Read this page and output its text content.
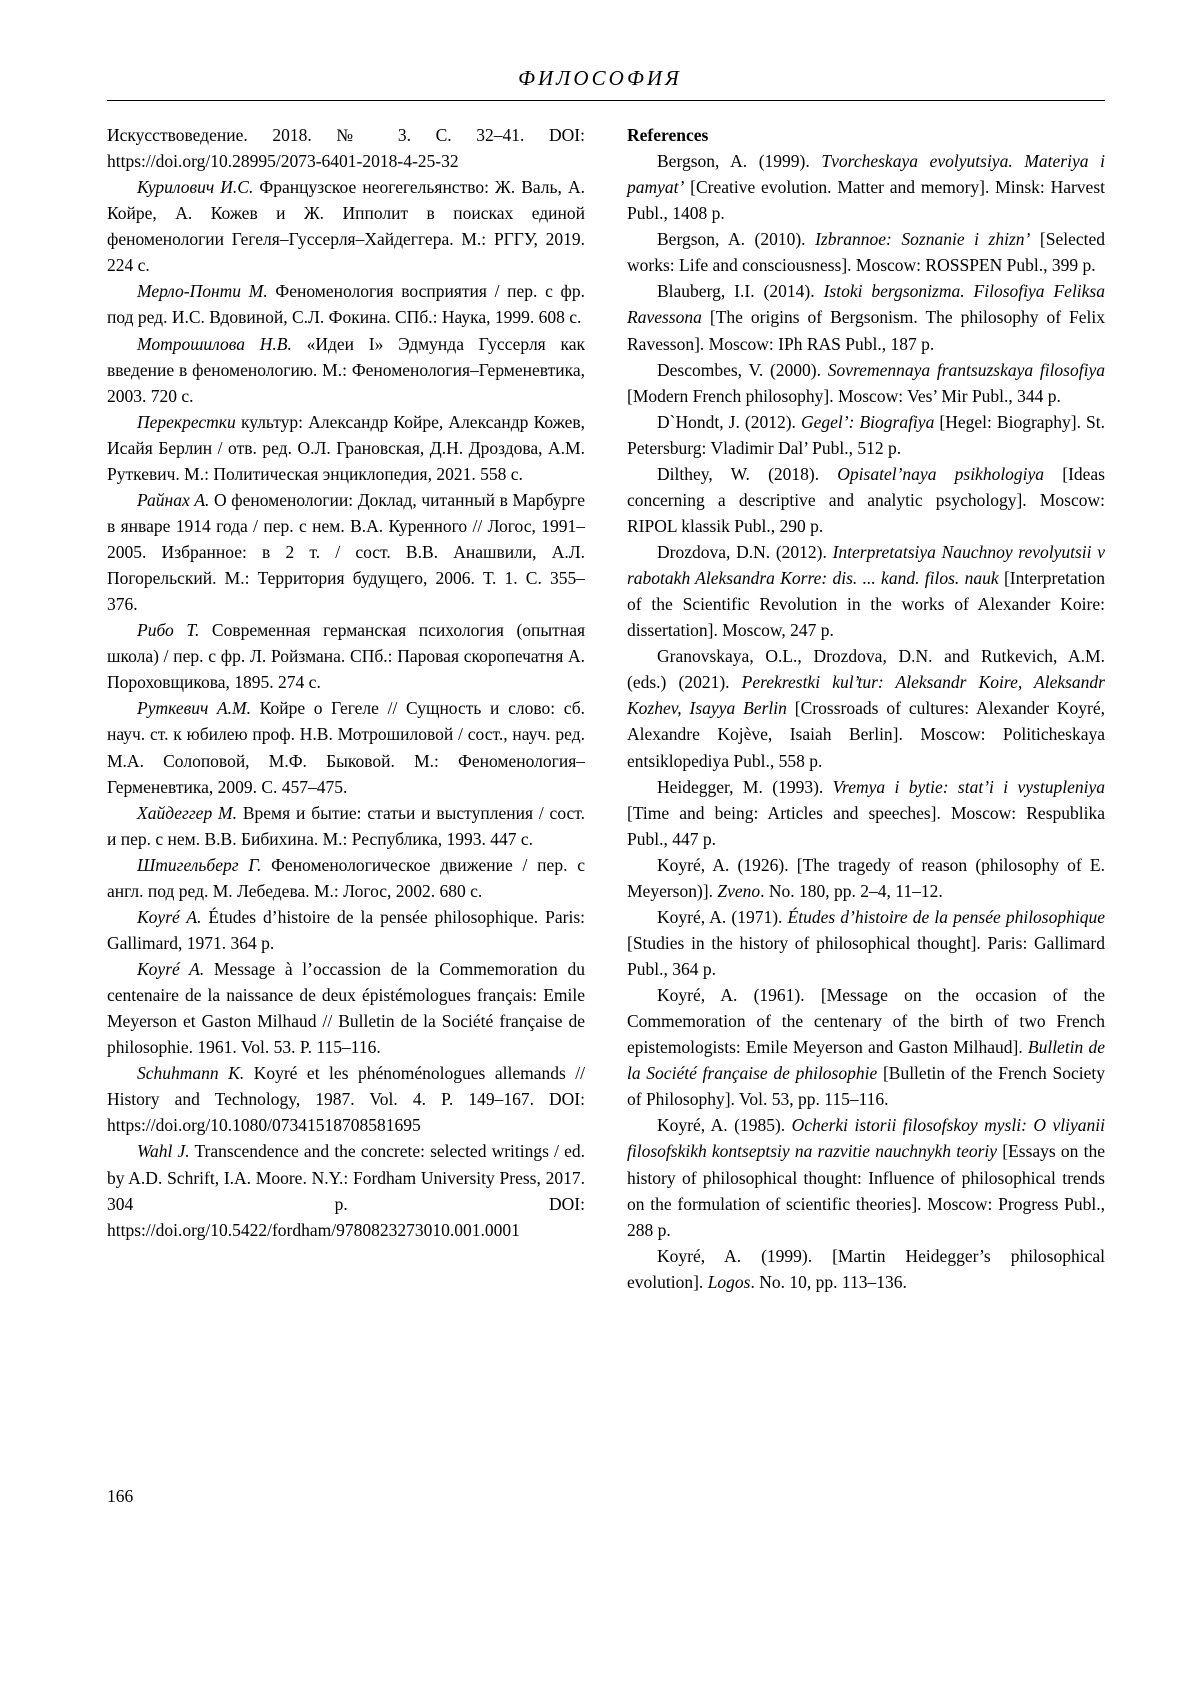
ФИЛОСОФИЯ

Искусствоведение. 2018. № 3. С. 32–41. DOI: https://doi.org/10.28995/2073-6401-2018-4-25-32

Курилович И.С. Французское неогегельянство: Ж. Валь, А. Койре, А. Кожев и Ж. Ипполит в поисках единой феноменологии Гегеля–Гуссерля–Хайдеггера. М.: РГГУ, 2019. 224 с.

Мерло-Понти М. Феноменология восприятия / пер. с фр. под ред. И.С. Вдовиной, С.Л. Фокина. СПб.: Наука, 1999. 608 с.

Мотрошилова Н.В. «Идеи I» Эдмунда Гуссерля как введение в феноменологию. М.: Феноменология–Герменевтика, 2003. 720 с.

Перекрестки культур: Александр Койре, Александр Кожев, Исайя Берлин / отв. ред. О.Л. Грановская, Д.Н. Дроздова, А.М. Руткевич. М.: Политическая энциклопедия, 2021. 558 с.

Райнах А. О феноменологии: Доклад, читанный в Марбурге в январе 1914 года / пер. с нем. В.А. Куренного // Логос, 1991–2005. Избранное: в 2 т. / сост. В.В. Анашвили, А.Л. Погорельский. М.: Территория будущего, 2006. Т. 1. С. 355–376.

Рибо Т. Современная германская психология (опытная школа) / пер. с фр. Л. Ройзмана. СПб.: Паровая скоропечатня А. Пороховщикова, 1895. 274 с.

Руткевич А.М. Койре о Гегеле // Сущность и слово: сб. науч. ст. к юбилею проф. Н.В. Мотрошиловой / сост., науч. ред. М.А. Солоповой, М.Ф. Быковой. М.: Феноменология–Герменевтика, 2009. С. 457–475.

Хайдеггер М. Время и бытие: статьи и выступления / сост. и пер. с нем. В.В. Бибихина. М.: Республика, 1993. 447 с.

Штигельберг Г. Феноменологическое движение / пер. с англ. под ред. М. Лебедева. М.: Логос, 2002. 680 с.

Koyré A. Études d’histoire de la pensée philosophique. Paris: Gallimard, 1971. 364 p.

Koyré A. Message à l’occassion de la Commemoration du centenaire de la naissance de deux épistémologues français: Emile Meyerson et Gaston Milhaud // Bulletin de la Société française de philosophie. 1961. Vol. 53. P. 115–116.

Schuhmann K. Koyré et les phénoménologues allemands // History and Technology, 1987. Vol. 4. P. 149–167. DOI: https://doi.org/10.1080/07341518708581695

Wahl J. Transcendence and the concrete: selected writings / ed. by A.D. Schrift, I.A. Moore. N.Y.: Fordham University Press, 2017. 304 p. DOI: https://doi.org/10.5422/fordham/9780823273010.001.0001

References

Bergson, A. (1999). Tvorcheskaya evolyutsiya. Materiya i pamyat’ [Creative evolution. Matter and memory]. Minsk: Harvest Publ., 1408 p.

Bergson, A. (2010). Izbrannoe: Soznanie i zhizn’ [Selected works: Life and consciousness]. Moscow: ROSSPEN Publ., 399 p.

Blauberg, I.I. (2014). Istoki bergsonizma. Filosofiya Feliksa Ravessona [The origins of Bergsonism. The philosophy of Felix Ravesson]. Moscow: IPh RAS Publ., 187 p.

Descombes, V. (2000). Sovremennaya frantsuzskaya filosofiya [Modern French philosophy]. Moscow: Ves’ Mir Publ., 344 p.

D`Hondt, J. (2012). Gegel’: Biografiya [Hegel: Biography]. St. Petersburg: Vladimir Dal’ Publ., 512 p.

Dilthey, W. (2018). Opisatel’naya psikhologiya [Ideas concerning a descriptive and analytic psychology]. Moscow: RIPOL klassik Publ., 290 p.

Drozdova, D.N. (2012). Interpretatsiya Nauchnoy revolyutsii v rabotakh Aleksandra Korre: dis. ... kand. filos. nauk [Interpretation of the Scientific Revolution in the works of Alexander Koire: dissertation]. Moscow, 247 p.

Granovskaya, O.L., Drozdova, D.N. and Rutkevich, A.M. (eds.) (2021). Perekrestki kul’tur: Aleksandr Koire, Aleksandr Kozhev, Isayya Berlin [Crossroads of cultures: Alexander Koyré, Alexandre Kojève, Isaiah Berlin]. Moscow: Politicheskaya entsiklopediya Publ., 558 p.

Heidegger, M. (1993). Vremya i bytie: stat’i i vystupleniya [Time and being: Articles and speeches]. Moscow: Respublika Publ., 447 p.

Koyré, A. (1926). [The tragedy of reason (philosophy of E. Meyerson)]. Zveno. No. 180, pp. 2–4, 11–12.

Koyré, A. (1971). Études d’histoire de la pensée philosophique [Studies in the history of philosophical thought]. Paris: Gallimard Publ., 364 p.

Koyré, A. (1961). [Message on the occasion of the Commemoration of the centenary of the birth of two French epistemologists: Emile Meyerson and Gaston Milhaud]. Bulletin de la Société française de philosophie [Bulletin of the French Society of Philosophy]. Vol. 53, pp. 115–116.

Koyré, A. (1985). Ocherki istorii filosofskoy mysli: O vliyanii filosofskikh kontseptsiy na razvitie nauchnykh teoriy [Essays on the history of philosophical thought: Influence of philosophical trends on the formulation of scientific theories]. Moscow: Progress Publ., 288 p.

Koyré, A. (1999). [Martin Heidegger’s philosophical evolution]. Logos. No. 10, pp. 113–136.

166
